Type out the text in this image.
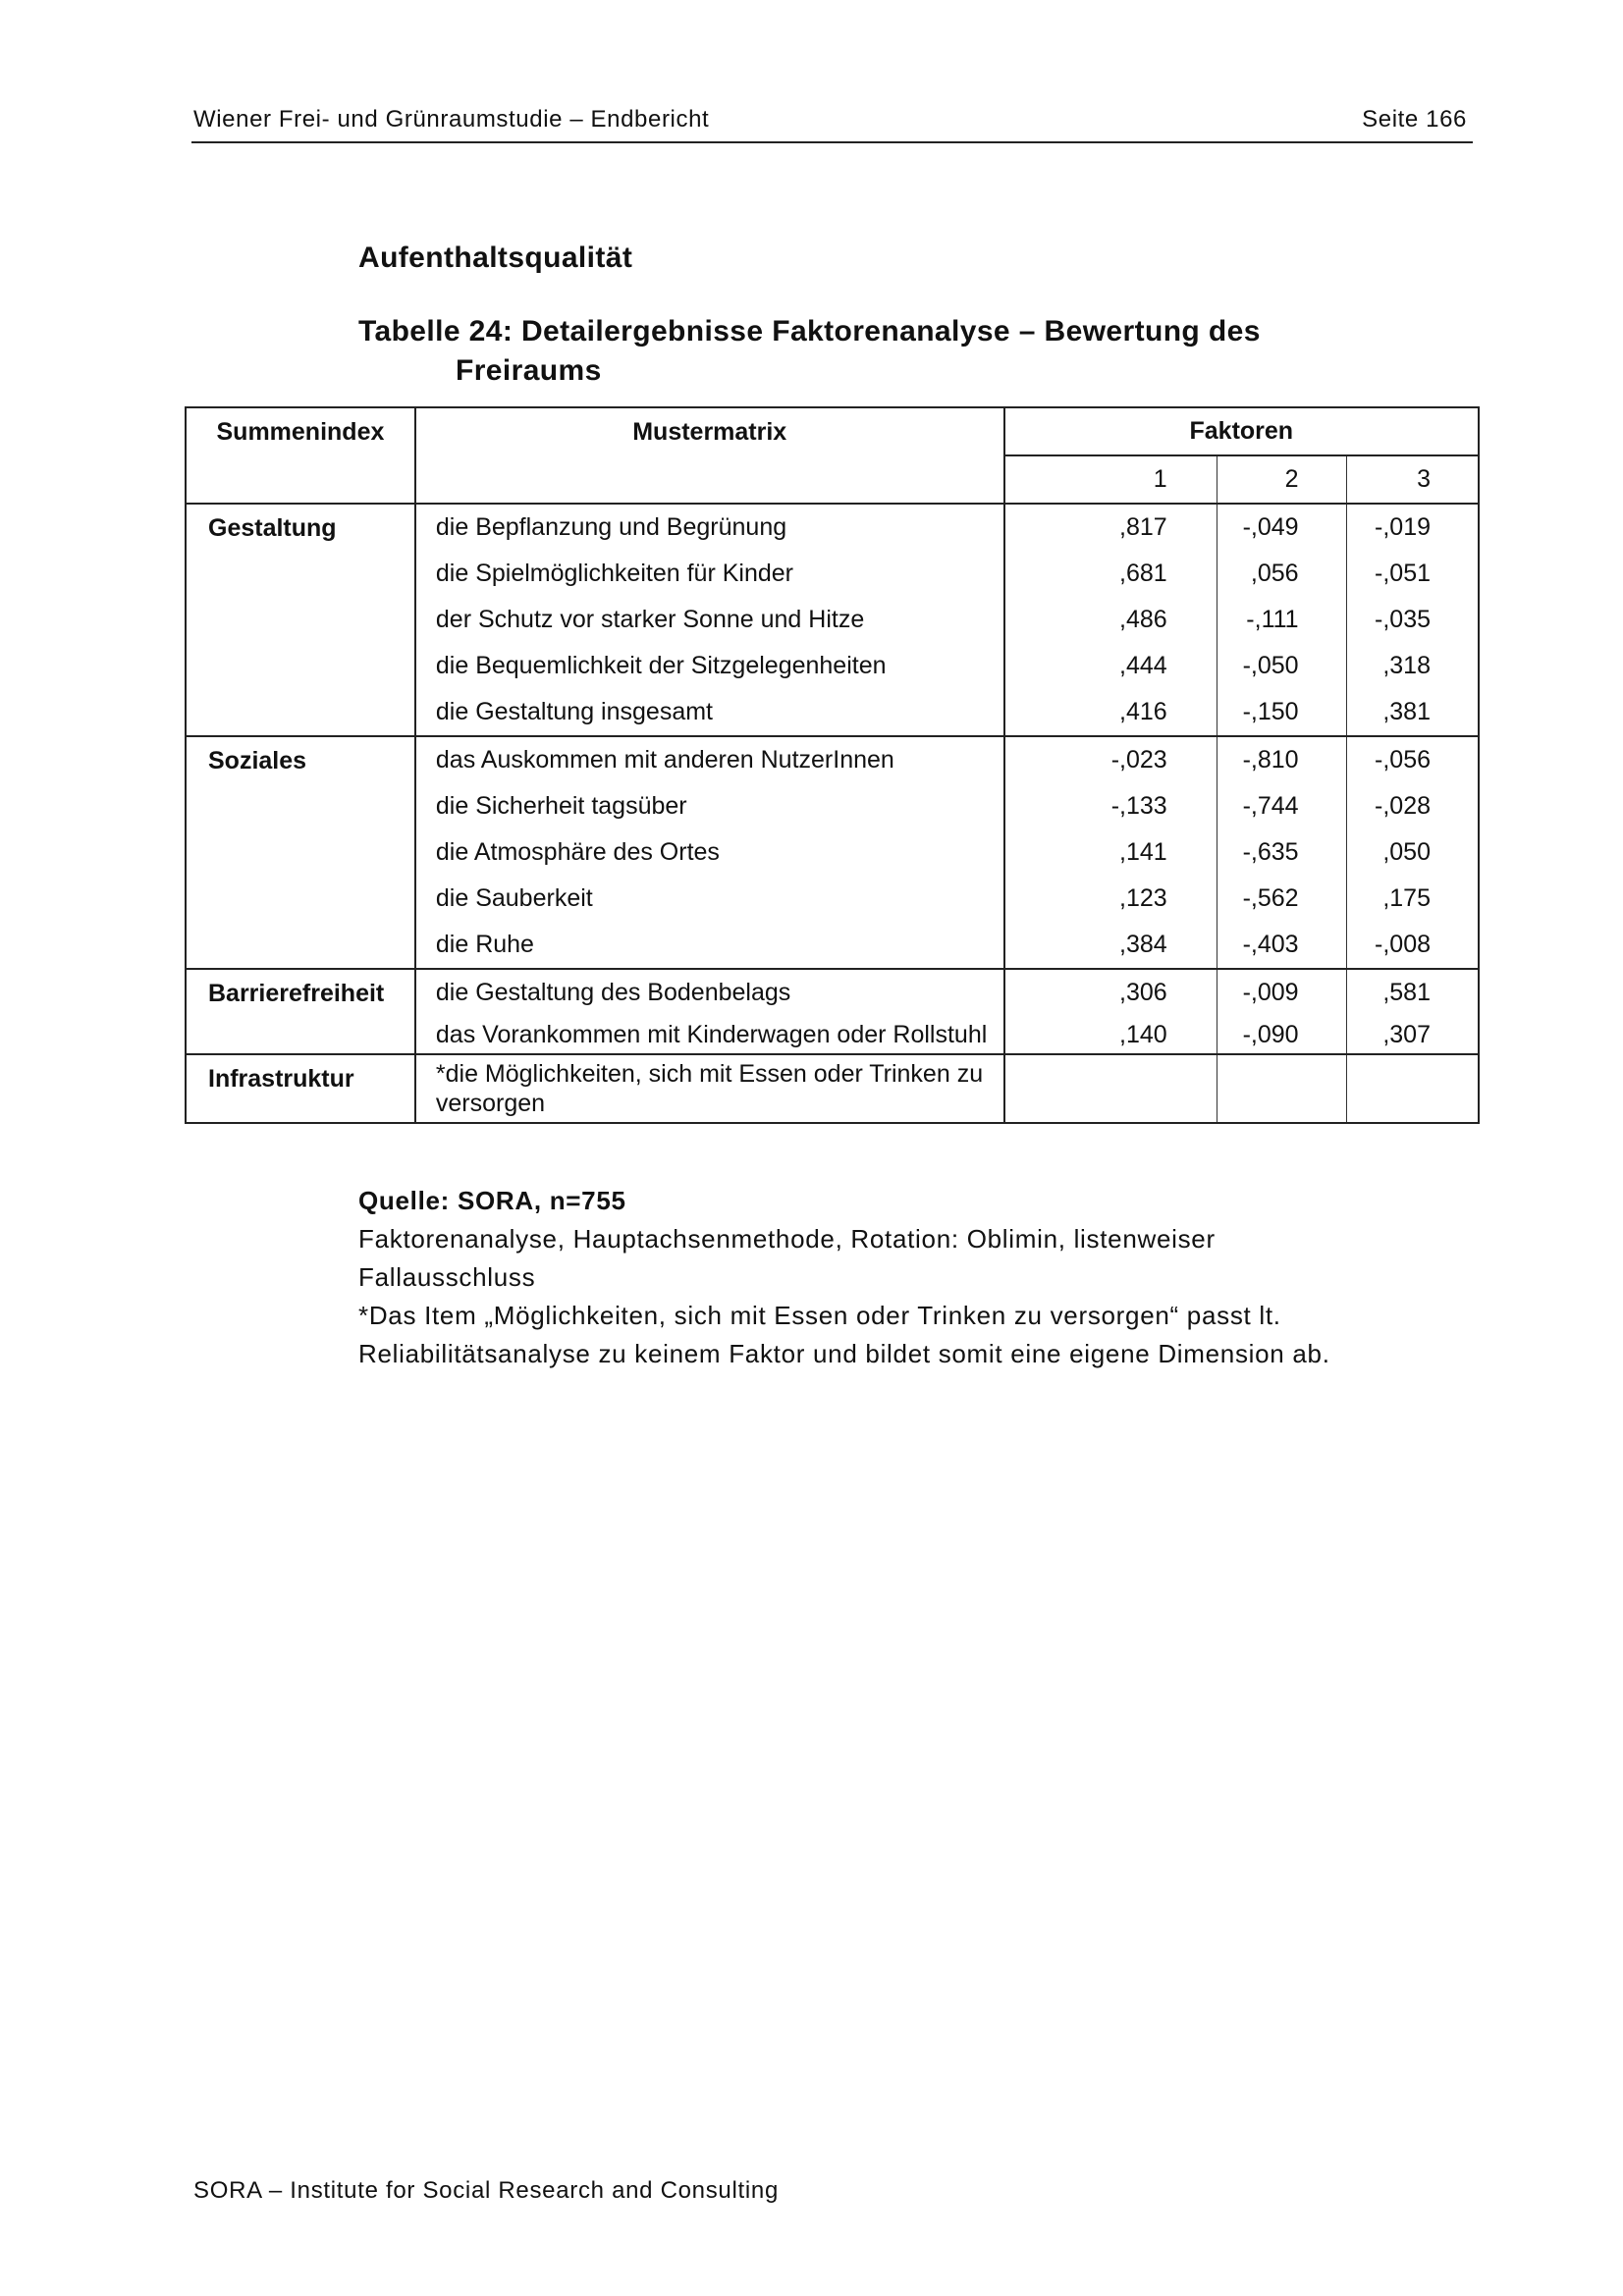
Wiener Frei- und Grünraumstudie – Endbericht	Seite 166
Aufenthaltsqualität
Tabelle 24: Detailergebnisse Faktorenanalyse – Bewertung des
Freiraums
Summenindex	Mustermatrix	Faktoren		
		1	2	3
Gestaltung	die Bepflanzung und Begrünung	,817	-,049	-,019
	die Spielmöglichkeiten für Kinder	,681	,056	-,051
	der Schutz vor starker Sonne und Hitze	,486	-,111	-,035
	die Bequemlichkeit der Sitzgelegenheiten	,444	-,050	,318
	die Gestaltung insgesamt	,416	-,150	,381
Soziales	das Auskommen mit anderen NutzerInnen	-,023	-,810	-,056
	die Sicherheit tagsüber	-,133	-,744	-,028
	die Atmosphäre des Ortes	,141	-,635	,050
	die Sauberkeit	,123	-,562	,175
	die Ruhe	,384	-,403	-,008
Barrierefreiheit	die Gestaltung des Bodenbelags	,306	-,009	,581
	das Vorankommen mit Kinderwagen oder Rollstuhl	,140	-,090	,307
Infrastruktur	*die Möglichkeiten, sich mit Essen oder Trinken zu versorgen			
Quelle: SORA, n=755
Faktorenanalyse, Hauptachsenmethode, Rotation: Oblimin, listenweiser
Fallausschluss
*Das Item „Möglichkeiten, sich mit Essen oder Trinken zu versorgen“ passt lt.
Reliabilitätsanalyse zu keinem Faktor und bildet somit eine eigene Dimension ab.
SORA – Institute for Social Research and Consulting
